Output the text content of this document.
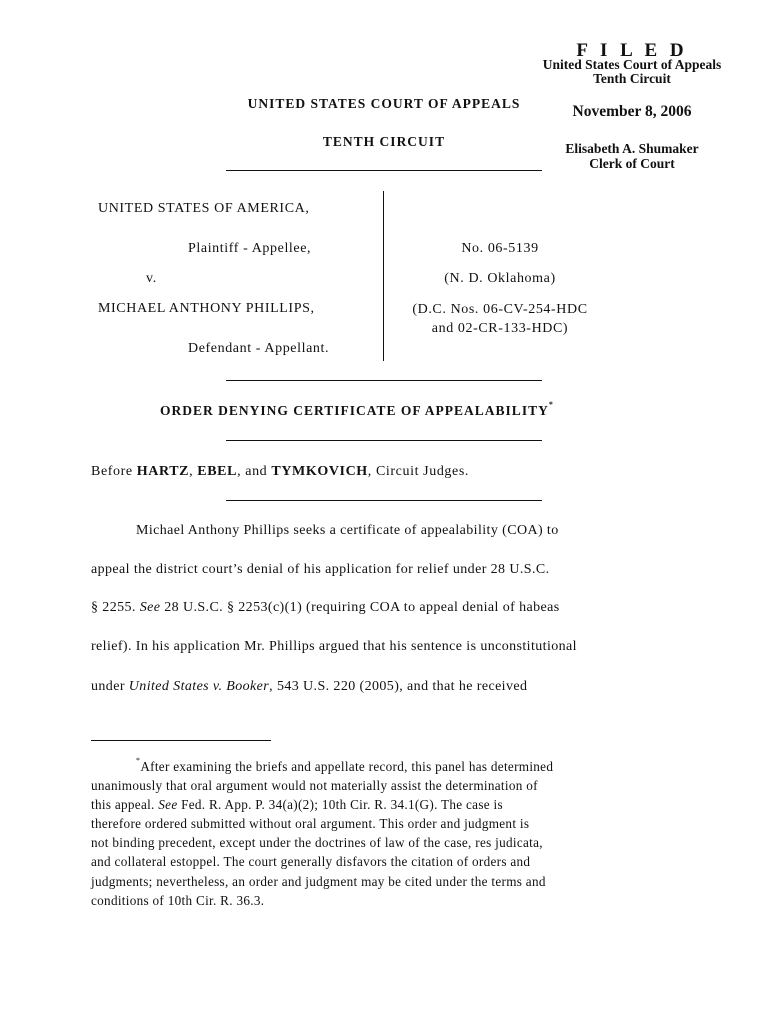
F I L E D
United States Court of Appeals
Tenth Circuit
November 8, 2006
Elisabeth A. Shumaker
Clerk of Court
UNITED STATES COURT OF APPEALS
TENTH CIRCUIT
UNITED STATES OF AMERICA,
Plaintiff - Appellee,
v.
MICHAEL ANTHONY PHILLIPS,
Defendant - Appellant.
No. 06-5139
(N. D. Oklahoma)
(D.C. Nos. 06-CV-254-HDC
and 02-CR-133-HDC)
ORDER DENYING CERTIFICATE OF APPEALABILITY*
Before HARTZ, EBEL, and TYMKOVICH, Circuit Judges.
Michael Anthony Phillips seeks a certificate of appealability (COA) to
appeal the district court’s denial of his application for relief under 28 U.S.C.
§ 2255. See 28 U.S.C. § 2253(c)(1) (requiring COA to appeal denial of habeas
relief). In his application Mr. Phillips argued that his sentence is unconstitutional
under United States v. Booker, 543 U.S. 220 (2005), and that he received
*After examining the briefs and appellate record, this panel has determined
unanimously that oral argument would not materially assist the determination of
this appeal. See Fed. R. App. P. 34(a)(2); 10th Cir. R. 34.1(G). The case is
therefore ordered submitted without oral argument. This order and judgment is
not binding precedent, except under the doctrines of law of the case, res judicata,
and collateral estoppel. The court generally disfavors the citation of orders and
judgments; nevertheless, an order and judgment may be cited under the terms and
conditions of 10th Cir. R. 36.3.
